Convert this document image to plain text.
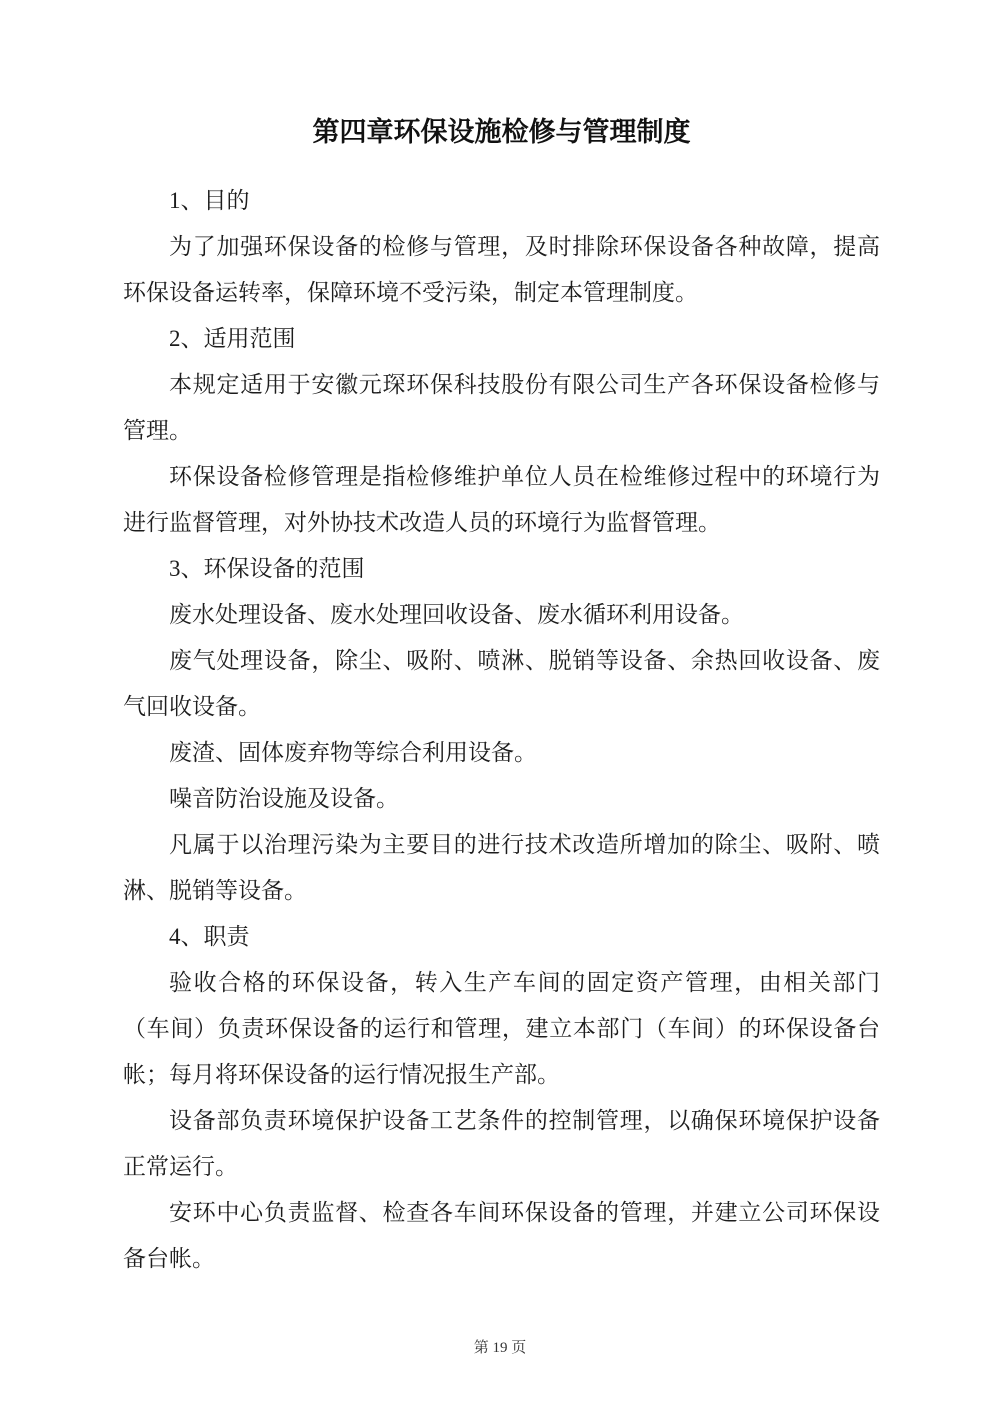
第四章环保设施检修与管理制度

1、目的

为了加强环保设备的检修与管理，及时排除环保设备各种故障，提高环保设备运转率，保障环境不受污染，制定本管理制度。

2、适用范围

本规定适用于安徽元琛环保科技股份有限公司生产各环保设备检修与管理。

环保设备检修管理是指检修维护单位人员在检维修过程中的环境行为进行监督管理，对外协技术改造人员的环境行为监督管理。

3、环保设备的范围

废水处理设备、废水处理回收设备、废水循环利用设备。

废气处理设备，除尘、吸附、喷淋、脱销等设备、余热回收设备、废气回收设备。

废渣、固体废弃物等综合利用设备。

噪音防治设施及设备。

凡属于以治理污染为主要目的进行技术改造所增加的除尘、吸附、喷淋、脱销等设备。

4、职责

验收合格的环保设备，转入生产车间的固定资产管理，由相关部门（车间）负责环保设备的运行和管理，建立本部门（车间）的环保设备台帐；每月将环保设备的运行情况报生产部。

设备部负责环境保护设备工艺条件的控制管理，以确保环境保护设备正常运行。

安环中心负责监督、检查各车间环保设备的管理，并建立公司环保设备台帐。

第 19 页
